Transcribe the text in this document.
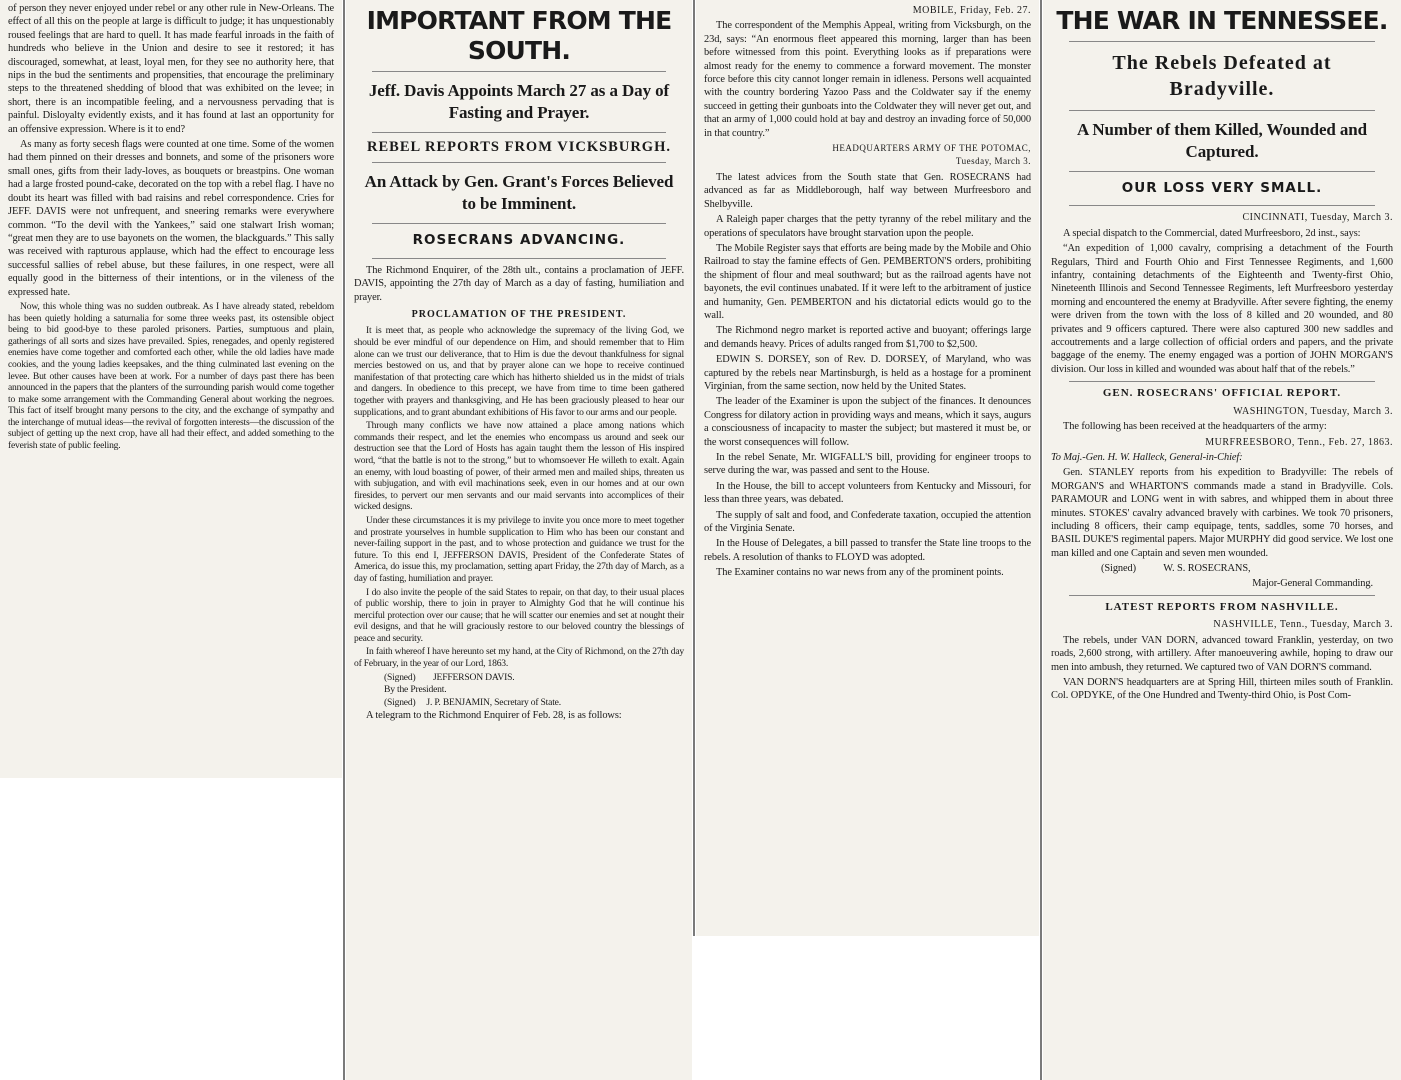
of person they never enjoyed under rebel or any other rule in New-Orleans. The effect of all this on the people at large is difficult to judge; it has unquestionably roused feelings that are hard to quell. It has made fearful inroads in the faith of hundreds who believe in the Union and desire to see it restored; it has discouraged, somewhat, at least, loyal men, for they see no authority here, that nips in the bud the sentiments and propensities, that encourage the preliminary steps to the threatened shedding of blood that was exhibited on the levee; in short, there is an incompatible feeling, and a nervousness pervading that is painful. Disloyalty evidently exists, and it has found at last an opportunity for an offensive expression. Where is it to end?

As many as forty secesh flags were counted at one time. Some of the women had them pinned on their dresses and bonnets, and some of the prisoners wore small ones, gifts from their lady-loves, as bouquets or breastpins. One woman had a large frosted pound-cake, decorated on the top with a rebel flag. I have no doubt its heart was filled with bad raisins and rebel correspondence. Cries for JEFF. DAVIS were not unfrequent, and sneering remarks were everywhere common. “To the devil with the Yankees,” said one stalwart Irish woman; “great men they are to use bayonets on the women, the blackguards.” This sally was received with rapturous applause, which had the effect to encourage less successful sallies of rebel abuse, but these failures, in one respect, were all equally good in the bitterness of their intentions, or in the vileness of the expressed hate.

Now, this whole thing was no sudden outbreak. As I have already stated, rebeldom has been quietly holding a saturnalia for some three weeks past, its ostensible object being to bid good-bye to these paroled prisoners. Parties, sumptuous and plain, gatherings of all sorts and sizes have prevailed. Spies, renegades, and openly registered enemies have come together and comforted each other, while the old ladies have made cookies, and the young ladies keepsakes, and the thing culminated last evening on the levee. But other causes have been at work. For a number of days past there has been announced in the papers that the planters of the surrounding parish would come together to make some arrangement with the Commanding General about working the negroes. This fact of itself brought many persons to the city, and the exchange of sympathy and the interchange of mutual ideas—the revival of forgotten interests—the discussion of the subject of getting up the next crop, have all had their effect, and added something to the feverish state of public feeling.

IMPORTANT FROM THE SOUTH.
Jeff. Davis Appoints March 27 as a Day of Fasting and Prayer.
REBEL REPORTS FROM VICKSBURGH.
An Attack by Gen. Grant's Forces Believed to be Imminent.
ROSECRANS ADVANCING.

The Richmond Enquirer, of the 28th ult., contains a proclamation of JEFF. DAVIS, appointing the 27th day of March as a day of fasting, humiliation and prayer.

PROCLAMATION OF THE PRESIDENT.

It is meet that, as people who acknowledge the supremacy of the living God, we should be ever mindful of our dependence on Him, and should remember that to Him alone can we trust our deliverance, that to Him is due the devout thankfulness for signal mercies bestowed on us, and that by prayer alone can we hope to receive continued manifestation of that protecting care which has hitherto shielded us in the midst of trials and dangers. In obedience to this precept, we have from time to time been gathered together with prayers and thanksgiving, and He has been graciously pleased to hear our supplications, and to grant abundant exhibitions of His favor to our arms and our people.

Through many conflicts we have now attained a place among nations which commands their respect, and let the enemies who encompass us around and seek our destruction see that the Lord of Hosts has again taught them the lesson of His inspired word, “that the battle is not to the strong,” but to whomsoever He willeth to exalt. Again an enemy, with loud boasting of power, of their armed men and mailed ships, threaten us with subjugation, and with evil machinations seek, even in our homes and at our own firesides, to pervert our men servants and our maid servants into accomplices of their wicked designs.

Under these circumstances it is my privilege to invite you once more to meet together and prostrate yourselves in humble supplication to Him who has been our constant and never-failing support in the past, and to whose protection and guidance we trust for the future. To this end I, JEFFERSON DAVIS, President of the Confederate States of America, do issue this, my proclamation, setting apart Friday, the 27th day of March, as a day of fasting, humiliation and prayer.

I do also invite the people of the said States to repair, on that day, to their usual places of public worship, there to join in prayer to Almighty God that he will continue his merciful protection over our cause; that he will scatter our enemies and set at nought their evil designs, and that he will graciously restore to our beloved country the blessings of peace and security.

In faith whereof I have hereunto set my hand, at the City of Richmond, on the 27th day of February, in the year of our Lord, 1863.

(Signed)        JEFFERSON DAVIS.
By the President.
(Signed)     J. P. BENJAMIN, Secretary of State.

A telegram to the Richmond Enquirer of Feb. 28, is as follows:

MOBILE, Friday, Feb. 27.

The correspondent of the Memphis Appeal, writing from Vicksburgh, on the 23d, says: “An enormous fleet appeared this morning, larger than has been before witnessed from this point. Everything looks as if preparations were almost ready for the enemy to commence a forward movement. The monster force before this city cannot longer remain in idleness. Persons well acquainted with the country bordering Yazoo Pass and the Coldwater say if the enemy succeed in getting their gunboats into the Coldwater they will never get out, and that an army of 1,000 could hold at bay and destroy an invading force of 50,000 in that country.”

HEADQUARTERS ARMY OF THE POTOMAC, Tuesday, March 3.

The latest advices from the South state that Gen. ROSECRANS had advanced as far as Middleborough, half way between Murfreesboro and Shelbyville.

A Raleigh paper charges that the petty tyranny of the rebel military and the operations of speculators have brought starvation upon the people.

The Mobile Register says that efforts are being made by the Mobile and Ohio Railroad to stay the famine effects of Gen. PEMBERTON'S orders, prohibiting the shipment of flour and meal southward; but as the railroad agents have not bayonets, the evil continues unabated. If it were left to the arbitrament of justice and humanity, Gen. PEMBERTON and his dictatorial edicts would go to the wall.

The Richmond negro market is reported active and buoyant; offerings large and demands heavy. Prices of adults ranged from $1,700 to $2,500.

EDWIN S. DORSEY, son of Rev. D. DORSEY, of Maryland, who was captured by the rebels near Martinsburgh, is held as a hostage for a prominent Virginian, from the same section, now held by the United States.

The leader of the Examiner is upon the subject of the finances. It denounces Congress for dilatory action in providing ways and means, which it says, augurs a consciousness of incapacity to master the subject; but mastered it must be, or the worst consequences will follow.

In the rebel Senate, Mr. WIGFALL'S bill, providing for engineer troops to serve during the war, was passed and sent to the House.

In the House, the bill to accept volunteers from Kentucky and Missouri, for less than three years, was debated.

The supply of salt and food, and Confederate taxation, occupied the attention of the Virginia Senate.

In the House of Delegates, a bill passed to transfer the State line troops to the rebels. A resolution of thanks to FLOYD was adopted.

The Examiner contains no war news from any of the prominent points.

THE WAR IN TENNESSEE.
The Rebels Defeated at Bradyville.
A Number of them Killed, Wounded and Captured.
OUR LOSS VERY SMALL.
CINCINNATI, Tuesday, March 3.

A special dispatch to the Commercial, dated Murfreesboro, 2d inst., says:

“An expedition of 1,000 cavalry, comprising a detachment of the Fourth Regulars, Third and Fourth Ohio and First Tennessee Regiments, and 1,600 infantry, containing detachments of the Eighteenth and Twenty-first Ohio, Nineteenth Illinois and Second Tennessee Regiments, left Murfreesboro yesterday morning and encountered the enemy at Bradyville. After severe fighting, the enemy were driven from the town with the loss of 8 killed and 20 wounded, and 80 privates and 9 officers captured. There were also captured 300 new saddles and accoutrements and a large collection of official orders and papers, and the private baggage of the enemy. The enemy engaged was a portion of JOHN MORGAN'S division. Our loss in killed and wounded was about half that of the rebels.”

GEN. ROSECRANS' OFFICIAL REPORT.
WASHINGTON, Tuesday, March 3.

The following has been received at the headquarters of the army:

MURFREESBORO, Tenn., Feb. 27, 1863.

To Maj.-Gen. H. W. Halleck, General-in-Chief:

Gen. STANLEY reports from his expedition to Bradyville: The rebels of MORGAN'S and WHARTON'S commands made a stand in Bradyville. Cols. PARAMOUR and LONG went in with sabres, and whipped them in about three minutes. STOKES' cavalry advanced bravely with carbines. We took 70 prisoners, including 8 officers, their camp equipage, tents, saddles, some 70 horses, and BASIL DUKE'S regimental papers. Major MURPHY did good service. We lost one man killed and one Captain and seven men wounded.

(Signed)           W. S. ROSECRANS,
Major-General Commanding.
LATEST REPORTS FROM NASHVILLE.
NASHVILLE, Tenn., Tuesday, March 3.

The rebels, under VAN DORN, advanced toward Franklin, yesterday, on two roads, 2,600 strong, with artillery. After manoeuvering awhile, hoping to draw our men into ambush, they returned. We captured two of VAN DORN'S command.

VAN DORN'S headquarters are at Spring Hill, thirteen miles south of Franklin. Col. OPDYKE, of the One Hundred and Twenty-third Ohio, is Post Com-
